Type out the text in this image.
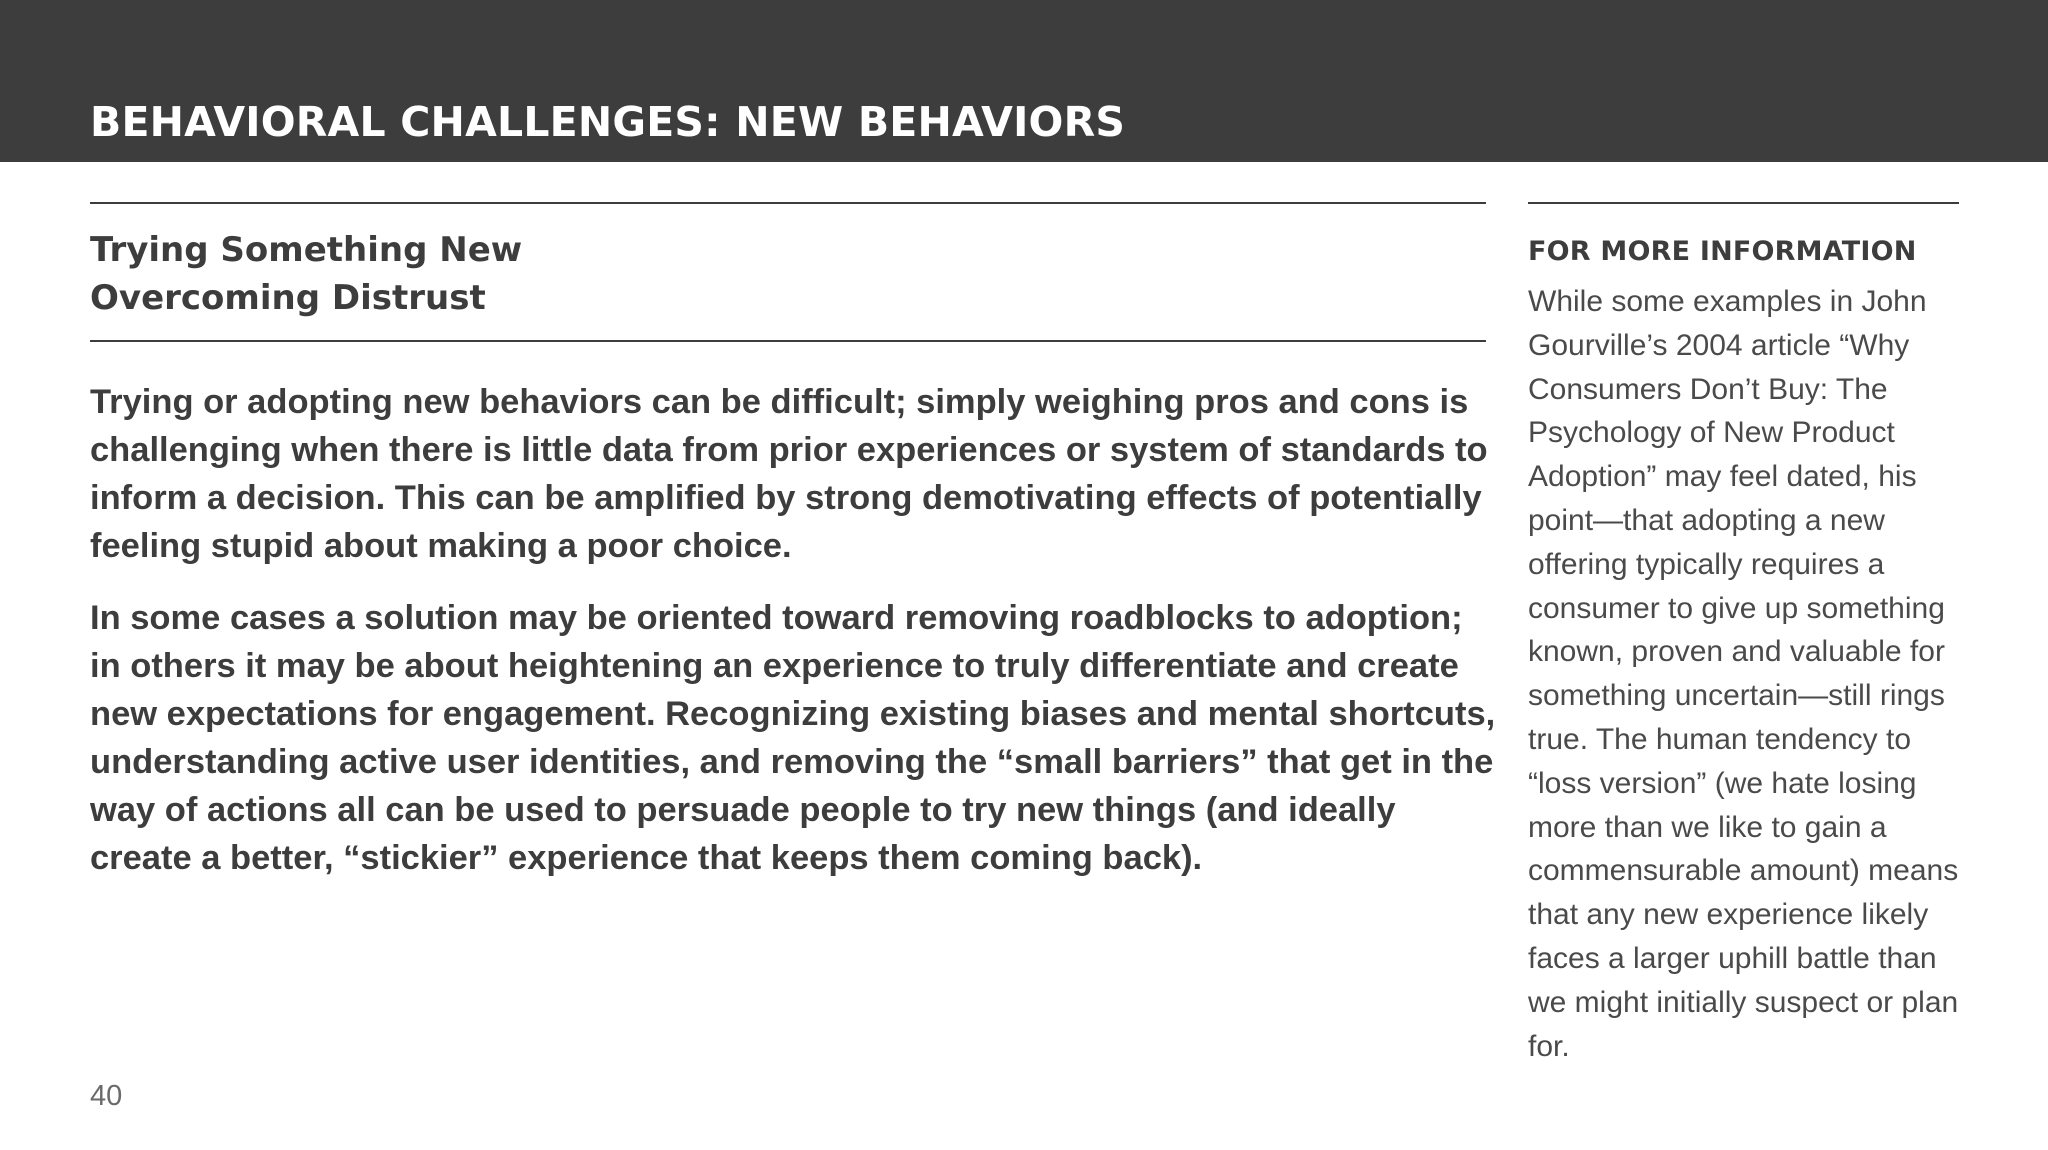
BEHAVIORAL CHALLENGES: NEW BEHAVIORS
Trying Something New
Overcoming Distrust

Trying or adopting new behaviors can be difficult; simply weighing pros and cons is challenging when there is little data from prior experiences or system of standards to inform a decision. This can be amplified by strong demotivating effects of potentially feeling stupid about making a poor choice.

In some cases a solution may be oriented toward removing roadblocks to adoption; in others it may be about heightening an experience to truly differentiate and create new expectations for engagement. Recognizing existing biases and mental shortcuts, understanding active user identities, and removing the “small barriers” that get in the way of actions all can be used to persuade people to try new things (and ideally create a better, “stickier” experience that keeps them coming back).

FOR MORE INFORMATION
While some examples in John Gourville’s 2004 article “Why Consumers Don’t Buy: The Psychology of New Product Adoption” may feel dated, his point—that adopting a new offering typically requires a consumer to give up something known, proven and valuable for something uncertain—still rings true. The human tendency to “loss version” (we hate losing more than we like to gain a commensurable amount) means that any new experience likely faces a larger uphill battle than we might initially suspect or plan for.
40
